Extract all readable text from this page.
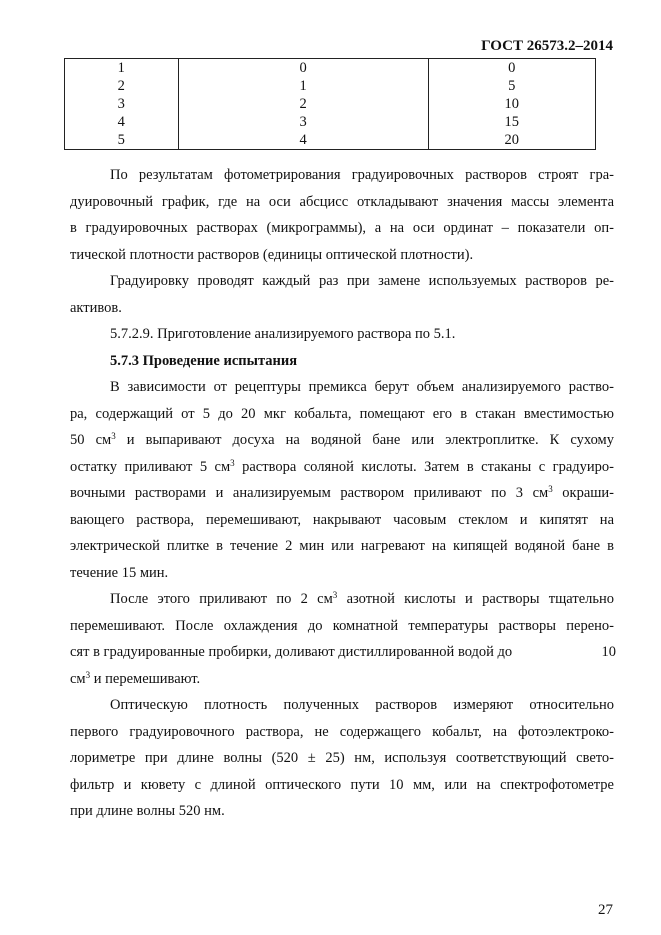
ГОСТ 26573.2–2014
1	0	0
2	1	5
3	2	10
4	3	15
5	4	20
По результатам фотометрирования градуировочных растворов строят гра-
дуировочный график, где на оси абсцисс откладывают значения массы элемента
в градуировочных растворах (микрограммы), а на оси ординат – показатели оп-
тической плотности растворов (единицы оптической плотности).
Градуировку проводят каждый раз при замене используемых растворов ре-
активов.
5.7.2.9. Приготовление анализируемого раствора по 5.1.
5.7.3 Проведение испытания
В зависимости от рецептуры премикса берут объем анализируемого раство-
ра, содержащий от 5 до 20 мкг кобальта, помещают его в стакан вместимостью
50 $см^3$ и выпаривают досуха на водяной бане или электроплитке. К сухому
остатку приливают 5 $см^3$ раствора соляной кислоты. Затем в стаканы с градуиро-
вочными растворами и анализируемым раствором приливают по 3 $см^3$ окраши-
вающего раствора, перемешивают, накрывают часовым стеклом и кипятят на
электрической плитке в течение 2 мин или нагревают на кипящей водяной бане в
течение 15 мин.
После этого приливают по 2 $см^3$ азотной кислоты и растворы тщательно
перемешивают. После охлаждения до комнатной температуры растворы перено-
сят в градуированные пробирки, доливают дистиллированной водой до	10
$см^3$ и перемешивают.
Оптическую плотность полученных растворов измеряют относительно
первого градуировочного раствора, не содержащего кобальт, на фотоэлектроко-
лориметре при длине волны (520 ± 25) нм, используя соответствующий свето-
фильтр и кювету с длиной оптического пути 10 мм, или на спектрофотометре
при длине волны 520 нм.
27
